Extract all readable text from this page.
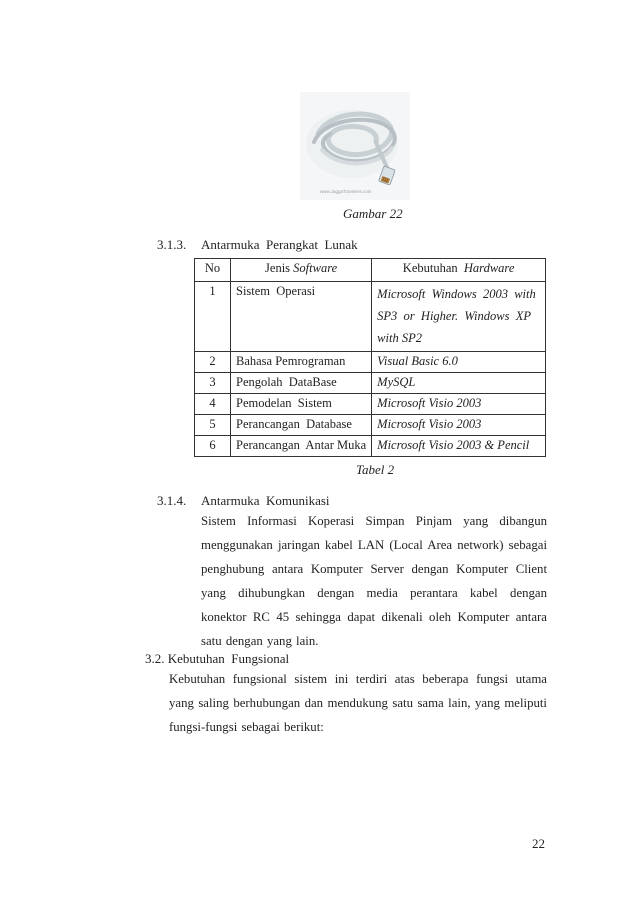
www.JaggaTravelers.com
Gambar 22
3.1.3. Antarmuka  Perangkat  Lunak
No	Jenis Software	Kebutuhan  Hardware
1	Sistem  Operasi	Microsoft  Windows  2003  with
SP3  or  Higher.  Windows  XP
with SP2

2	Bahasa Pemrograman	Visual Basic 6.0
3	Pengolah  DataBase	MySQL
4	Pemodelan  Sistem	Microsoft Visio 2003
5	Perancangan  Database	Microsoft Visio 2003
6	Perancangan  Antar Muka	Microsoft Visio 2003 & Pencil
Tabel 2
3.1.4. Antarmuka  Komunikasi
Sistem Informasi Koperasi Simpan Pinjam yang dibangun menggunakan jaringan kabel LAN (Local Area network) sebagai penghubung antara Komputer Server dengan Komputer Client yang dihubungkan dengan media perantara kabel dengan konektor RC 45 sehingga dapat dikenali oleh Komputer antara satu dengan yang lain.
3.2. Kebutuhan  Fungsional
Kebutuhan fungsional sistem ini terdiri atas beberapa fungsi utama yang saling berhubungan dan mendukung satu sama lain, yang meliputi fungsi-fungsi sebagai berikut:
22
